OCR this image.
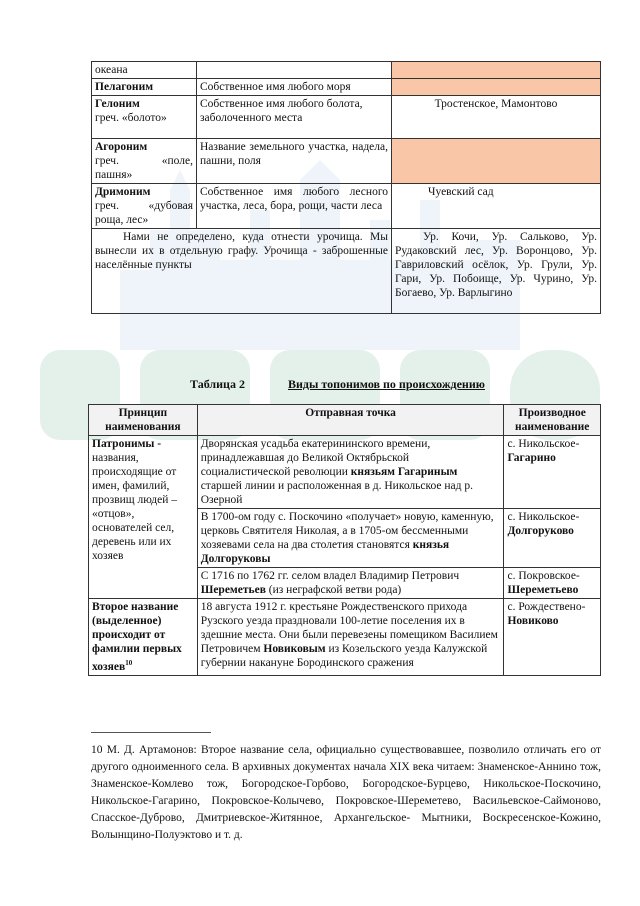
океана		
Пелагоним	Собственное имя любого моря	

Гелоним
греч. «болото»	Собственное имя любого болота, заболоченного места	Тростенское, Мамонтово

Агороним
греч. «поле, пашня»	Название земельного участка, надела, пашни, поля	

Дримоним
греч. «дубовая роща, лес»	Собственное имя любого лесного участка, леса, бора, рощи, части леса	Чуевский сад
Нами не определено, куда отнести урочища. Мы вынесли их в отдельную графу. Урочища - заброшенные населённые пункты		Ур. Кочи, Ур. Сальково, Ур. Рудаковский лес, Ур. Воронцово, Ур. Гавриловский осёлок, Ур. Грули, Ур. Гари, Ур. Побоище, Ур. Чурино, Ур. Богаево, Ур. Варлыгино
Таблица 2	Виды топонимов по происхождению
Принцип наименования	Отправная точка	Производное наименование
Патронимы - названия, происходящие от имен, фамилий, прозвищ людей – «отцов», основателей сел, деревень или их хозяев	Дворянская усадьба екатерининского времени, принадлежавшая до Великой Октябрьской социалистической революции князьям Гагариным старшей линии и расположенная в д. Никольское над р. Озерной	с. Никольское-Гагарино
	В 1700-ом году с. Поскочино «получает» новую, каменную, церковь Святителя Николая, а в 1705-ом бессменными хозяевами села на два столетия становятся князья Долгоруковы	с. Никольское-Долгоруково
	С 1716 по 1762 гг. селом владел Владимир Петрович Шереметьев (из неграфской ветви рода)	с. Покровское-Шереметьево
Второе название (выделенное) происходит от фамилии первых хозяев$^{10}$	18 августа 1912 г. крестьяне Рождественского прихода Рузского уезда праздновали 100-летие поселения их в здешние места. Они были перевезены помещиком Василием Петровичем Новиковым из Козельского уезда Калужской губернии накануне Бородинского сражения	с. Рождествено-Новиково
10 М. Д. Артамонов: Второе название села, официально существовавшее, позволило отличать его от другого одноименного села. В архивных документах начала XIX века читаем: Знаменское-Аннино тож, Знаменское-Комлево тож, Богородское-Горбово, Богородское-Бурцево, Никольское-Поскочино, Никольское-Гагарино, Покровское-Колычево, Покровское-Шереметево, Васильевское-Саймоново, Спасское-Дуброво, Дмитриевское-Житянное, Архангельское- Мытники, Воскресенское-Кожино, Волынщино-Полуэктово и т. д.
